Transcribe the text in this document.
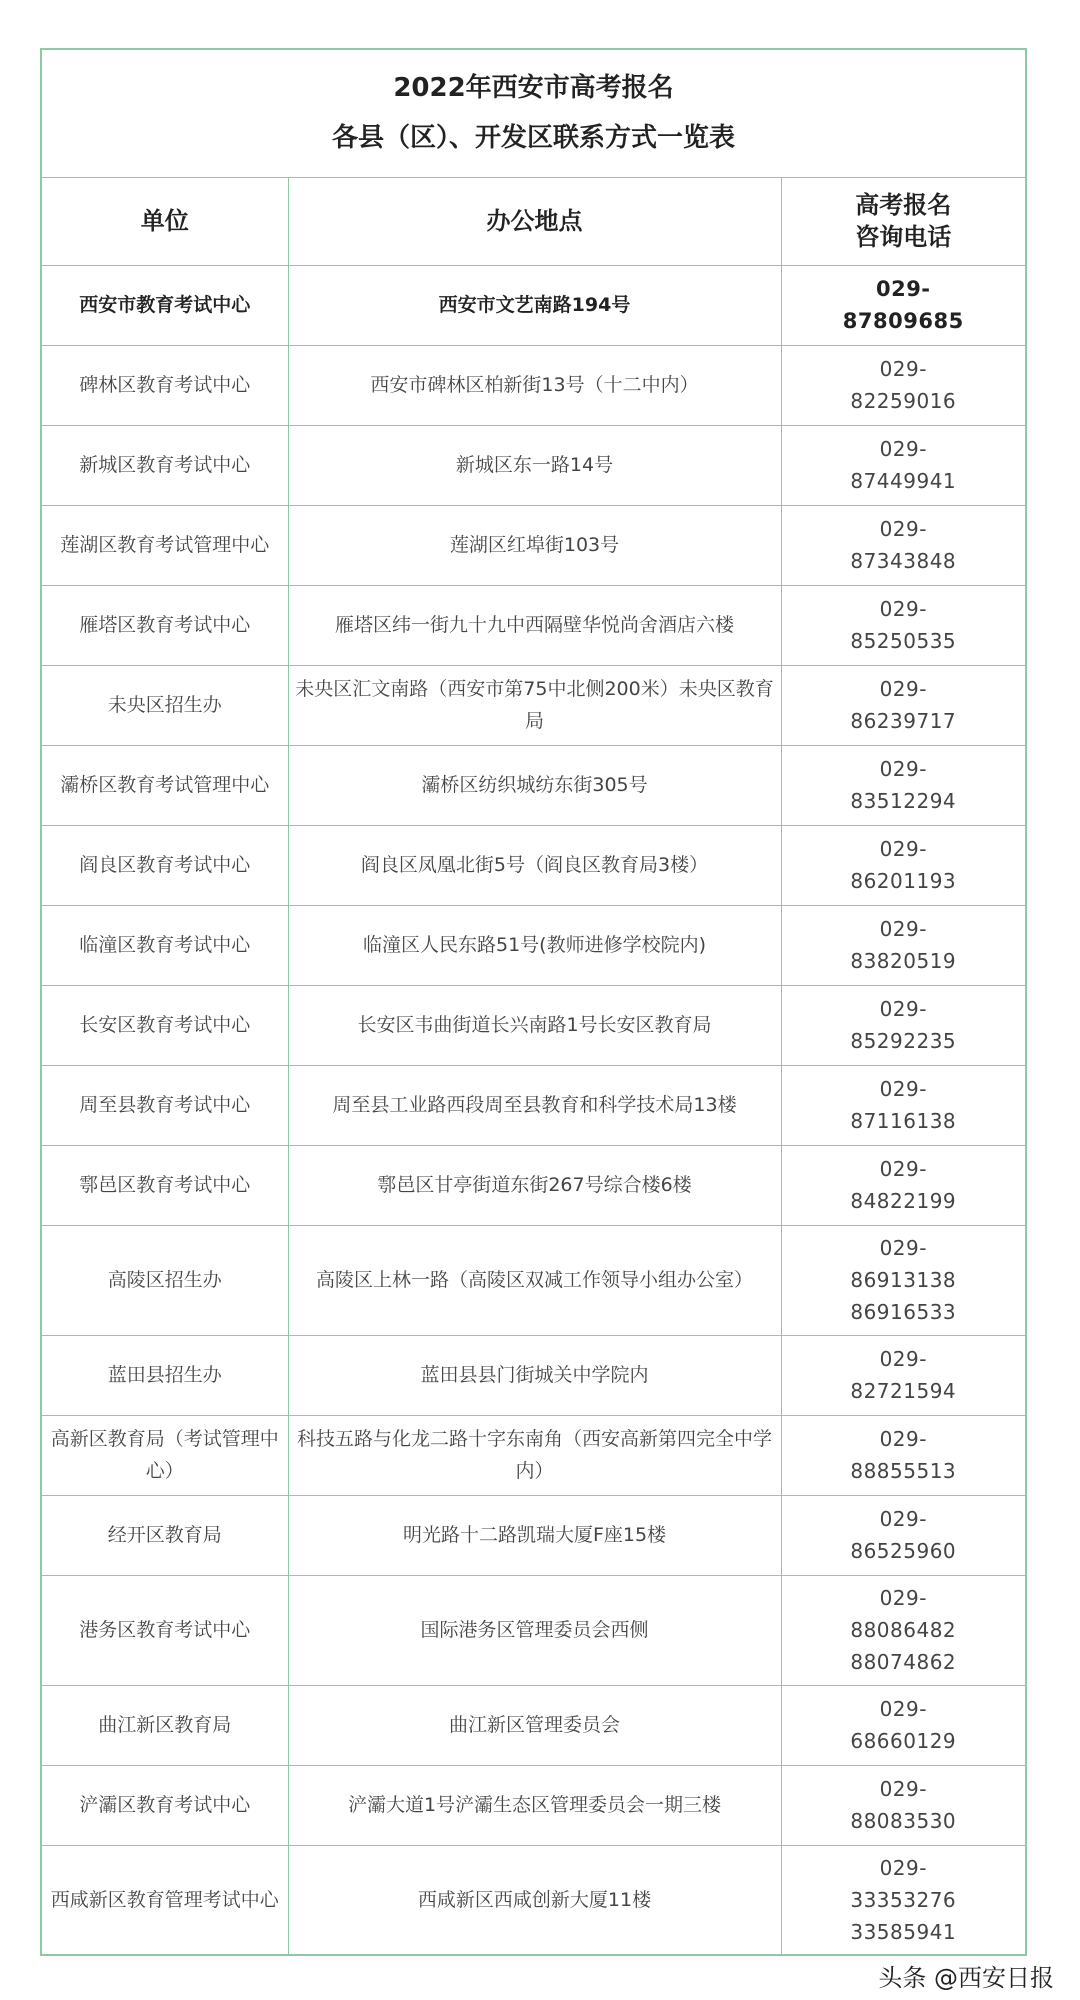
2022年西安市高考报名
各县（区）、开发区联系方式一览表		

单位	办公地点	高考报名
咨询电话

西安市教育考试中心	西安市文艺南路194号	029-
87809685

碑林区教育考试中心	西安市碑林区柏新街13号（十二中内）	029-
82259016

新城区教育考试中心	新城区东一路14号	029-
87449941

莲湖区教育考试管理中心	莲湖区红埠街103号	029-
87343848

雁塔区教育考试中心	雁塔区纬一街九十九中西隔壁华悦尚舍酒店六楼	029-
85250535

未央区招生办	未央区汇文南路（西安市第75中北侧200米）未央区教育局	029-
86239717

灞桥区教育考试管理中心	灞桥区纺织城纺东街305号	029-
83512294

阎良区教育考试中心	阎良区凤凰北街5号（阎良区教育局3楼）	029-
86201193

临潼区教育考试中心	临潼区人民东路51号(教师进修学校院内)	029-
83820519

长安区教育考试中心	长安区韦曲街道长兴南路1号长安区教育局	029-
85292235

周至县教育考试中心	周至县工业路西段周至县教育和科学技术局13楼	029-
87116138

鄠邑区教育考试中心	鄠邑区甘亭街道东街267号综合楼6楼	029-
84822199

高陵区招生办	高陵区上林一路（高陵区双减工作领导小组办公室）	029-
86913138
86916533

蓝田县招生办	蓝田县县门街城关中学院内	029-
82721594

高新区教育局（考试管理中心）	科技五路与化龙二路十字东南角（西安高新第四完全中学内）	029-
88855513

经开区教育局	明光路十二路凯瑞大厦F座15楼	029-
86525960

港务区教育考试中心	国际港务区管理委员会西侧	029-
88086482
88074862

曲江新区教育局	曲江新区管理委员会	029-
68660129

浐灞区教育考试中心	浐灞大道1号浐灞生态区管理委员会一期三楼	029-
88083530

西咸新区教育管理考试中心	西咸新区西咸创新大厦11楼	029-
33353276
33585941
头条 @西安日报
